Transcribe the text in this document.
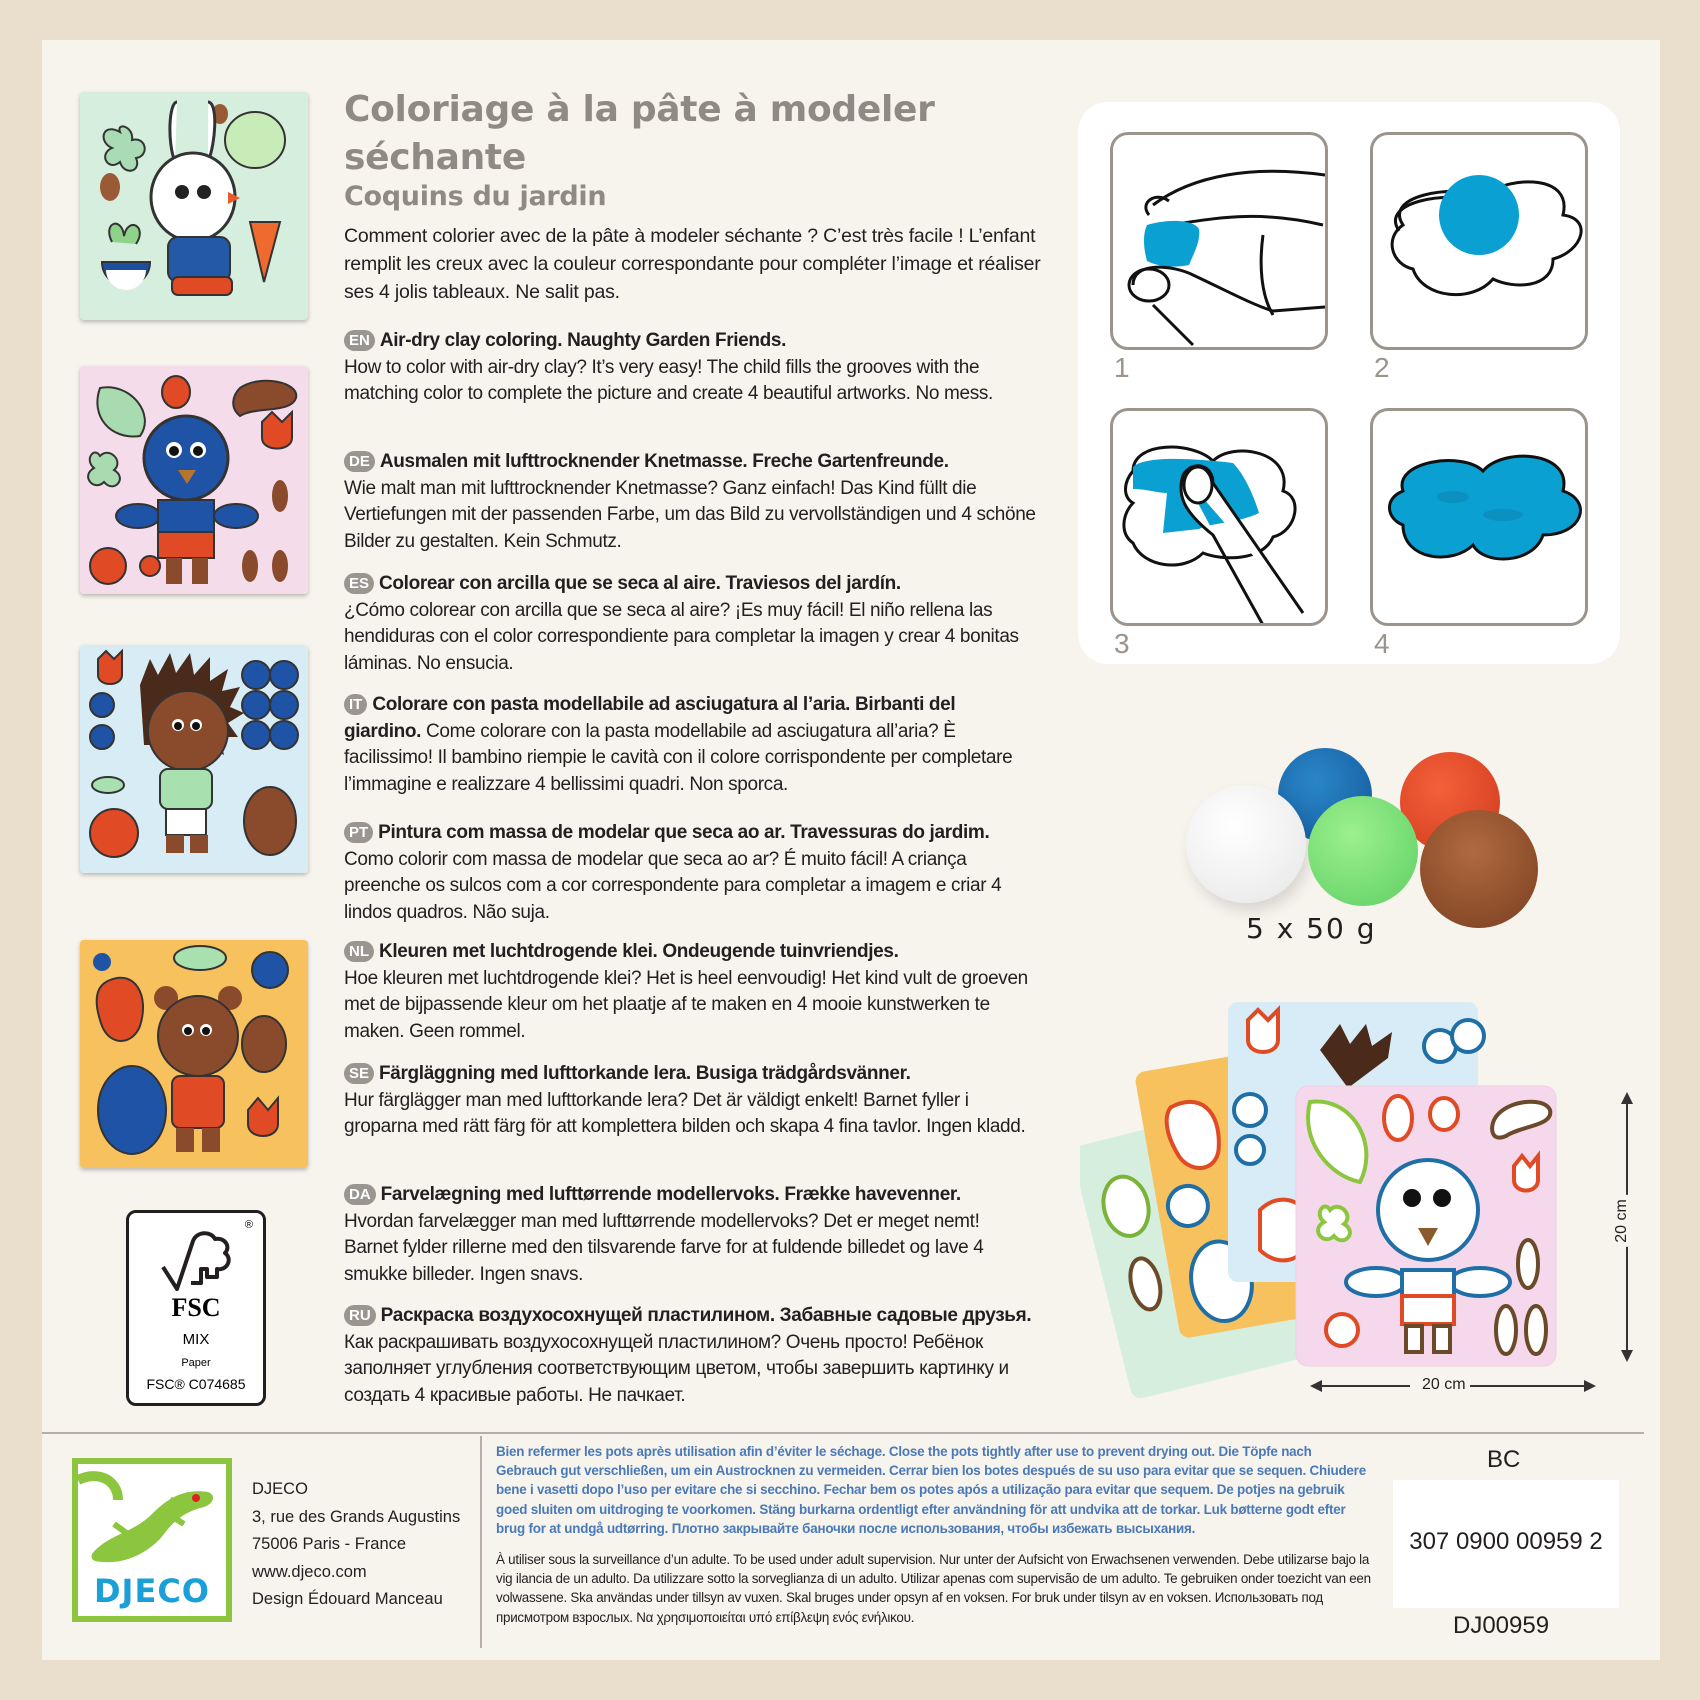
®
FSC
MIX
Paper
FSC® C074685
Coloriage à la pâte à modeler
séchante
Coquins du jardin
Comment colorier avec de la pâte à modeler séchante ? C’est très facile ! L’enfant remplit les creux avec la couleur correspondante pour compléter l’image et réaliser ses 4 jolis tableaux. Ne salit pas.
EN Air-dry clay coloring. Naughty Garden Friends.
How to color with air-dry clay? It’s very easy! The child fills the grooves with the matching color to complete the picture and create 4 beautiful artworks. No mess.
DE Ausmalen mit lufttrocknender Knetmasse. Freche Gartenfreunde.
Wie malt man mit lufttrocknender Knetmasse? Ganz einfach! Das Kind füllt die Vertiefungen mit der passenden Farbe, um das Bild zu vervollständigen und 4 schöne Bilder zu gestalten. Kein Schmutz.
ES Colorear con arcilla que se seca al aire. Traviesos del jardín.
¿Cómo colorear con arcilla que se seca al aire? ¡Es muy fácil! El niño rellena las hendiduras con el color correspondiente para completar la imagen y crear 4 bonitas láminas. No ensucia.
IT Colorare con pasta modellabile ad asciugatura al l’aria. Birbanti del giardino. Come colorare con la pasta modellabile ad asciugatura all’aria? È facilissimo! Il bambino riempie le cavità con il colore corrispondente per completare l’immagine e realizzare 4 bellissimi quadri. Non sporca.
PT Pintura com massa de modelar que seca ao ar. Travessuras do jardim.
Como colorir com massa de modelar que seca ao ar? É muito fácil! A criança preenche os sulcos com a cor correspondente para completar a imagem e criar 4 lindos quadros. Não suja.
NL Kleuren met luchtdrogende klei. Ondeugende tuinvriendjes.
Hoe kleuren met luchtdrogende klei? Het is heel eenvoudig! Het kind vult de groeven met de bijpassende kleur om het plaatje af te maken en 4 mooie kunstwerken te maken. Geen rommel.
SE Färgläggning med lufttorkande lera. Busiga trädgårdsvänner.
Hur färglägger man med lufttorkande lera? Det är väldigt enkelt! Barnet fyller i groparna med rätt färg för att komplettera bilden och skapa 4 fina tavlor. Ingen kladd.
DA Farvelægning med lufttørrende modellervoks. Frække havevenner.
Hvordan farvelægger man med lufttørrende modellervoks? Det er meget nemt! Barnet fylder rillerne med den tilsvarende farve for at fuldende billedet og lave 4 smukke billeder. Ingen snavs.
RU Раскраска воздухосохнущей пластилином. Забавные садовые друзья. Как раскрашивать воздухосохнущей пластилином? Очень просто! Ребёнок заполняет углубления соответствующим цветом, чтобы завершить картинку и создать 4 красивые работы. Не пачкает.
1	2
3	4
5 x 50 g
20 cm
20 cm
DJECO
DJECO
3, rue des Grands Augustins
75006 Paris - France
www.djeco.com
Design Édouard Manceau
Bien refermer les pots après utilisation afin d’éviter le séchage. Close the pots tightly after use to prevent drying out. Die Töpfe nach Gebrauch gut verschließen, um ein Austrocknen zu vermeiden. Cerrar bien los botes después de su uso para evitar que se sequen. Chiudere bene i vasetti dopo l’uso per evitare che si secchino. Fechar bem os potes após a utilização para evitar que sequem. De potjes na gebruik goed sluiten om uitdroging te voorkomen. Stäng burkarna ordentligt efter användning för att undvika att de torkar. Luk bøtterne godt efter brug for at undgå udtørring. Плотно закрывайте баночки после использования, чтобы избежать высыхания.
À utiliser sous la surveillance d’un adulte. To be used under adult supervision. Nur unter der Aufsicht von Erwachsenen verwenden. Debe utilizarse bajo la vig ilancia de un adulto. Da utilizzare sotto la sorveglianza di un adulto. Utilizar apenas com supervisão de um adulto. Te gebruiken onder toezicht van een volwassene. Ska användas under tillsyn av vuxen. Skal bruges under opsyn af en voksen. For bruk under tilsyn av en voksen. Использовать под присмотром взрослых. Να χρησιμοποιείται υπό επίβλεψη ενός ενήλικου.
BC
307 0900 00959 2
DJ00959
